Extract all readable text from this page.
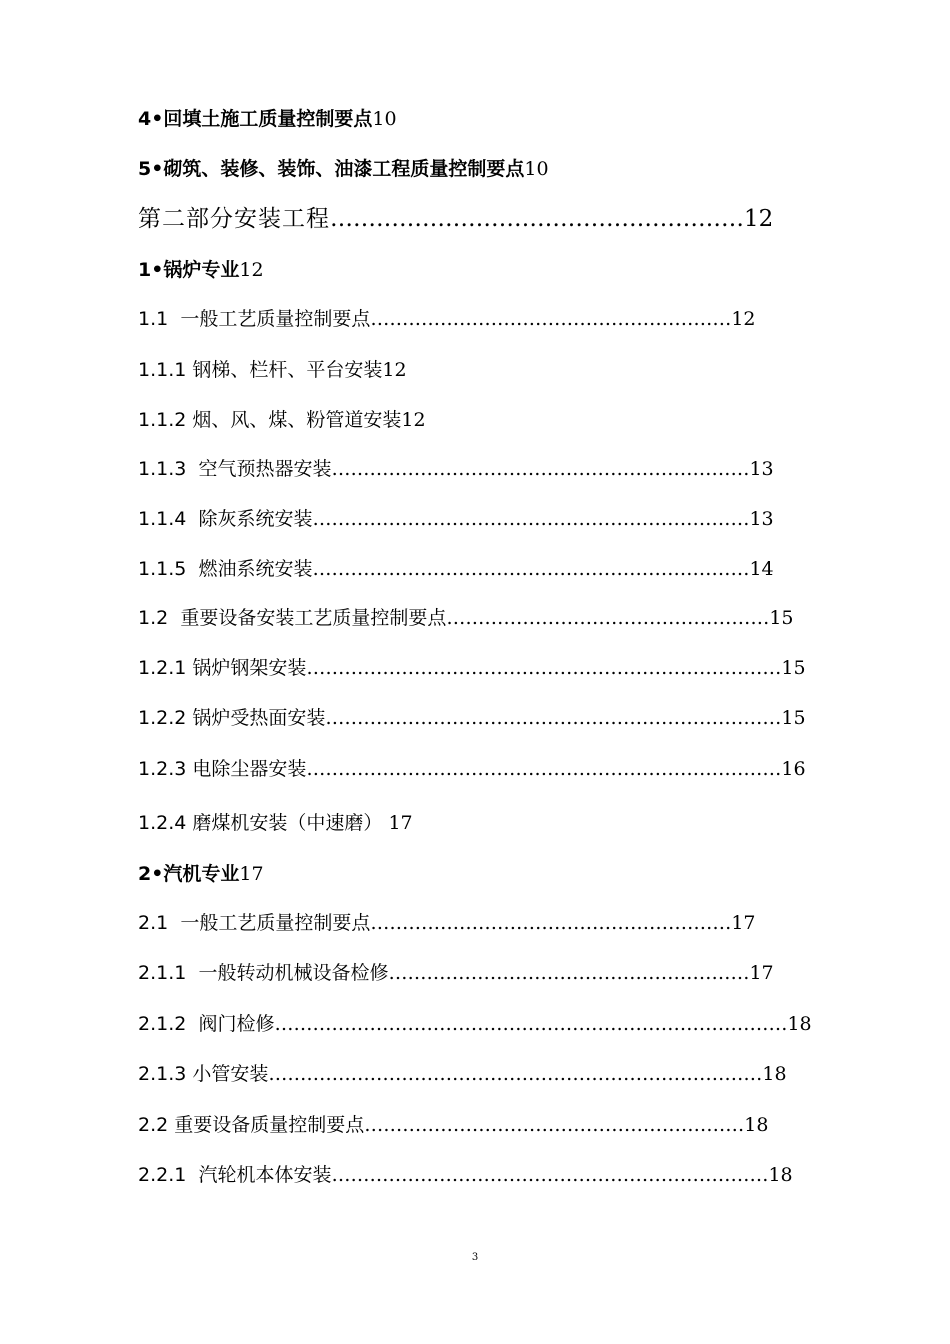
4•回填土施工质量控制要点10
5•砌筑、装修、装饰、油漆工程质量控制要点10
第二部分安装工程………………………………………………12
1•锅炉专业12
1.1 一般工艺质量控制要点…………………………………………………12
1.1.1 钢梯、栏杆、平台安装12
1.1.2 烟、风、煤、粉管道安装12
1.1.3 空气预热器安装…………………………………………………………13
1.1.4 除灰系统安装……………………………………………………………13
1.1.5 燃油系统安装……………………………………………………………14
1.2 重要设备安装工艺质量控制要点……………………………………………15
1.2.1 锅炉钢架安装…………………………………………………………………15
1.2.2 锅炉受热面安装………………………………………………………………15
1.2.3 电除尘器安装…………………………………………………………………16
1.2.4 磨煤机安装（中速磨） 17
2•汽机专业17
2.1 一般工艺质量控制要点…………………………………………………17
2.1.1 一般转动机械设备检修…………………………………………………17
2.1.2 阀门检修………………………………………………………………………18
2.1.3 小管安装……………………………………………………………………18
2.2 重要设备质量控制要点……………………………………………………18
2.2.1 汽轮机本体安装……………………………………………………………18
3
